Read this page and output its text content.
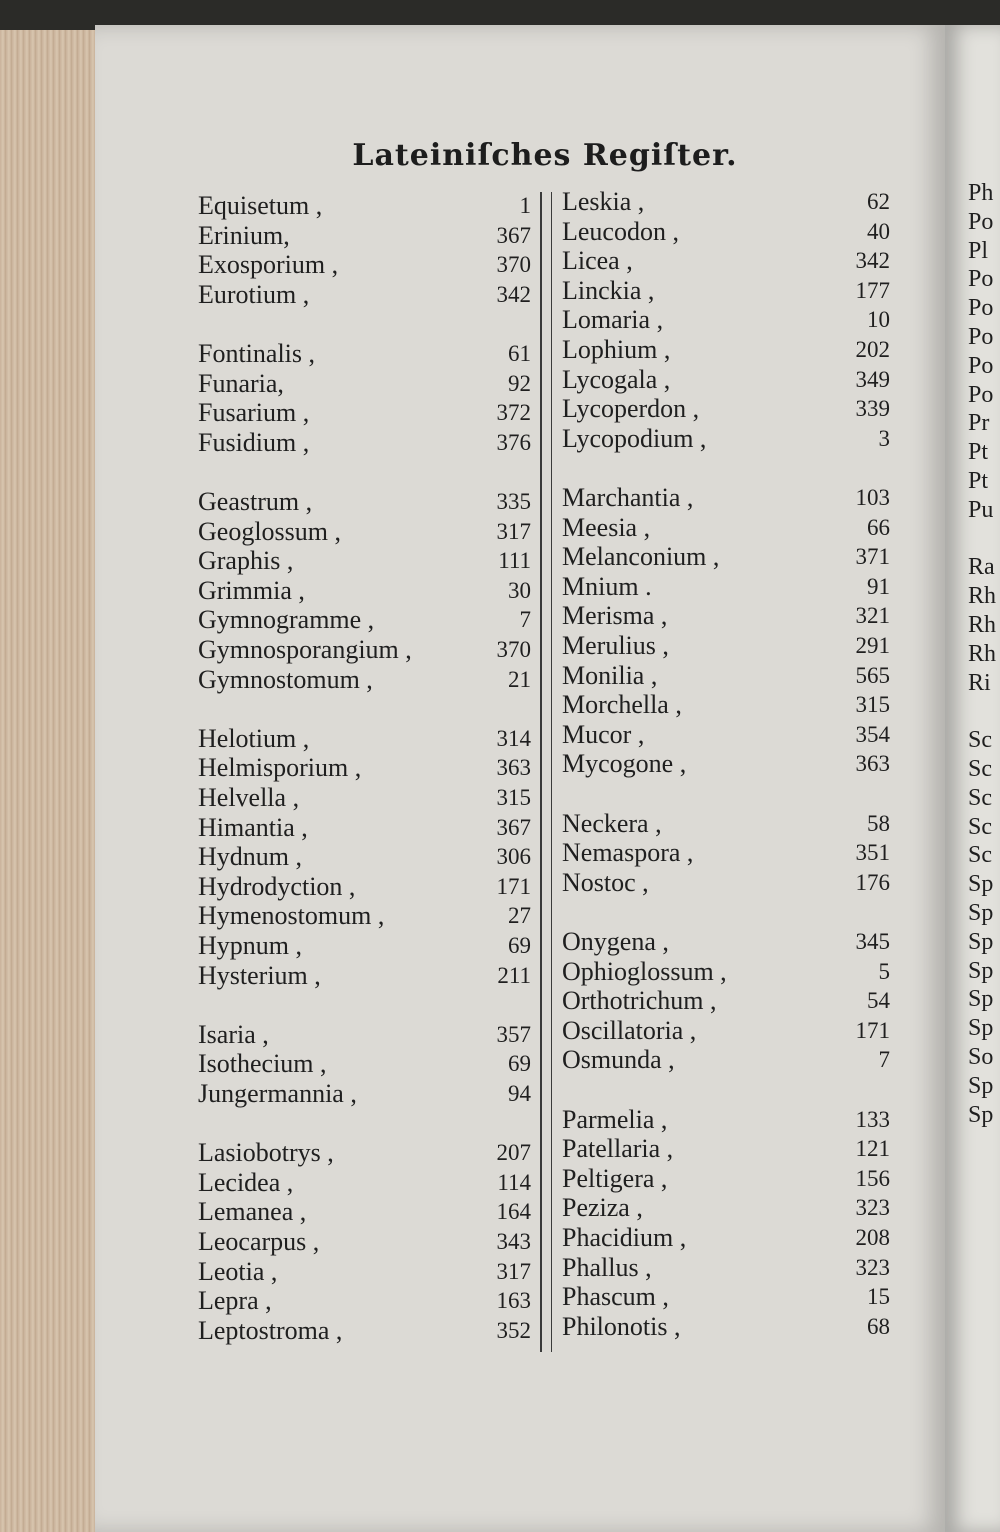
Lateiniſches Regiſter.
Equisetum ,	1
Erinium,	367
Exosporium ,	370
Eurotium ,	342
Fontinalis ,	61
Funaria,	92
Fusarium ,	372
Fusidium ,	376
Geastrum ,	335
Geoglossum ,	317
Graphis ,	111
Grimmia ,	30
Gymnogramme ,	7
Gymnosporangium ,	370
Gymnostomum ,	21
Helotium ,	314
Helmisporium ,	363
Helvella ,	315
Himantia ,	367
Hydnum ,	306
Hydrodyction ,	171
Hymenostomum ,	27
Hypnum ,	69
Hysterium ,	211
Isaria ,	357
Isothecium ,	69
Jungermannia ,	94
Lasiobotrys ,	207
Lecidea ,	114
Lemanea ,	164
Leocarpus ,	343
Leotia ,	317
Lepra ,	163
Leptostroma ,	352
Leskia ,	62
Leucodon ,	40
Licea ,	342
Linckia ,	177
Lomaria ,	10
Lophium ,	202
Lycogala ,	349
Lycoperdon ,	339
Lycopodium ,	3
Marchantia ,	103
Meesia ,	66
Melanconium ,	371
Mnium .	91
Merisma ,	321
Merulius ,	291
Monilia ,	565
Morchella ,	315
Mucor ,	354
Mycogone ,	363
Neckera ,	58
Nemaspora ,	351
Nostoc ,	176
Onygena ,	345
Ophioglossum ,	5
Orthotrichum ,	54
Oscillatoria ,	171
Osmunda ,	7
Parmelia ,	133
Patellaria ,	121
Peltigera ,	156
Peziza ,	323
Phacidium ,	208
Phallus ,	323
Phascum ,	15
Philonotis ,	68
Ph
Po
Pl
Po
Po
Po
Po
Po
Pr
Pt
Pt
Pu
Ra
Rh
Rh
Rh
Ri
Sc
Sc
Sc
Sc
Sc
Sp
Sp
Sp
Sp
Sp
Sp
So
Sp
Sp
